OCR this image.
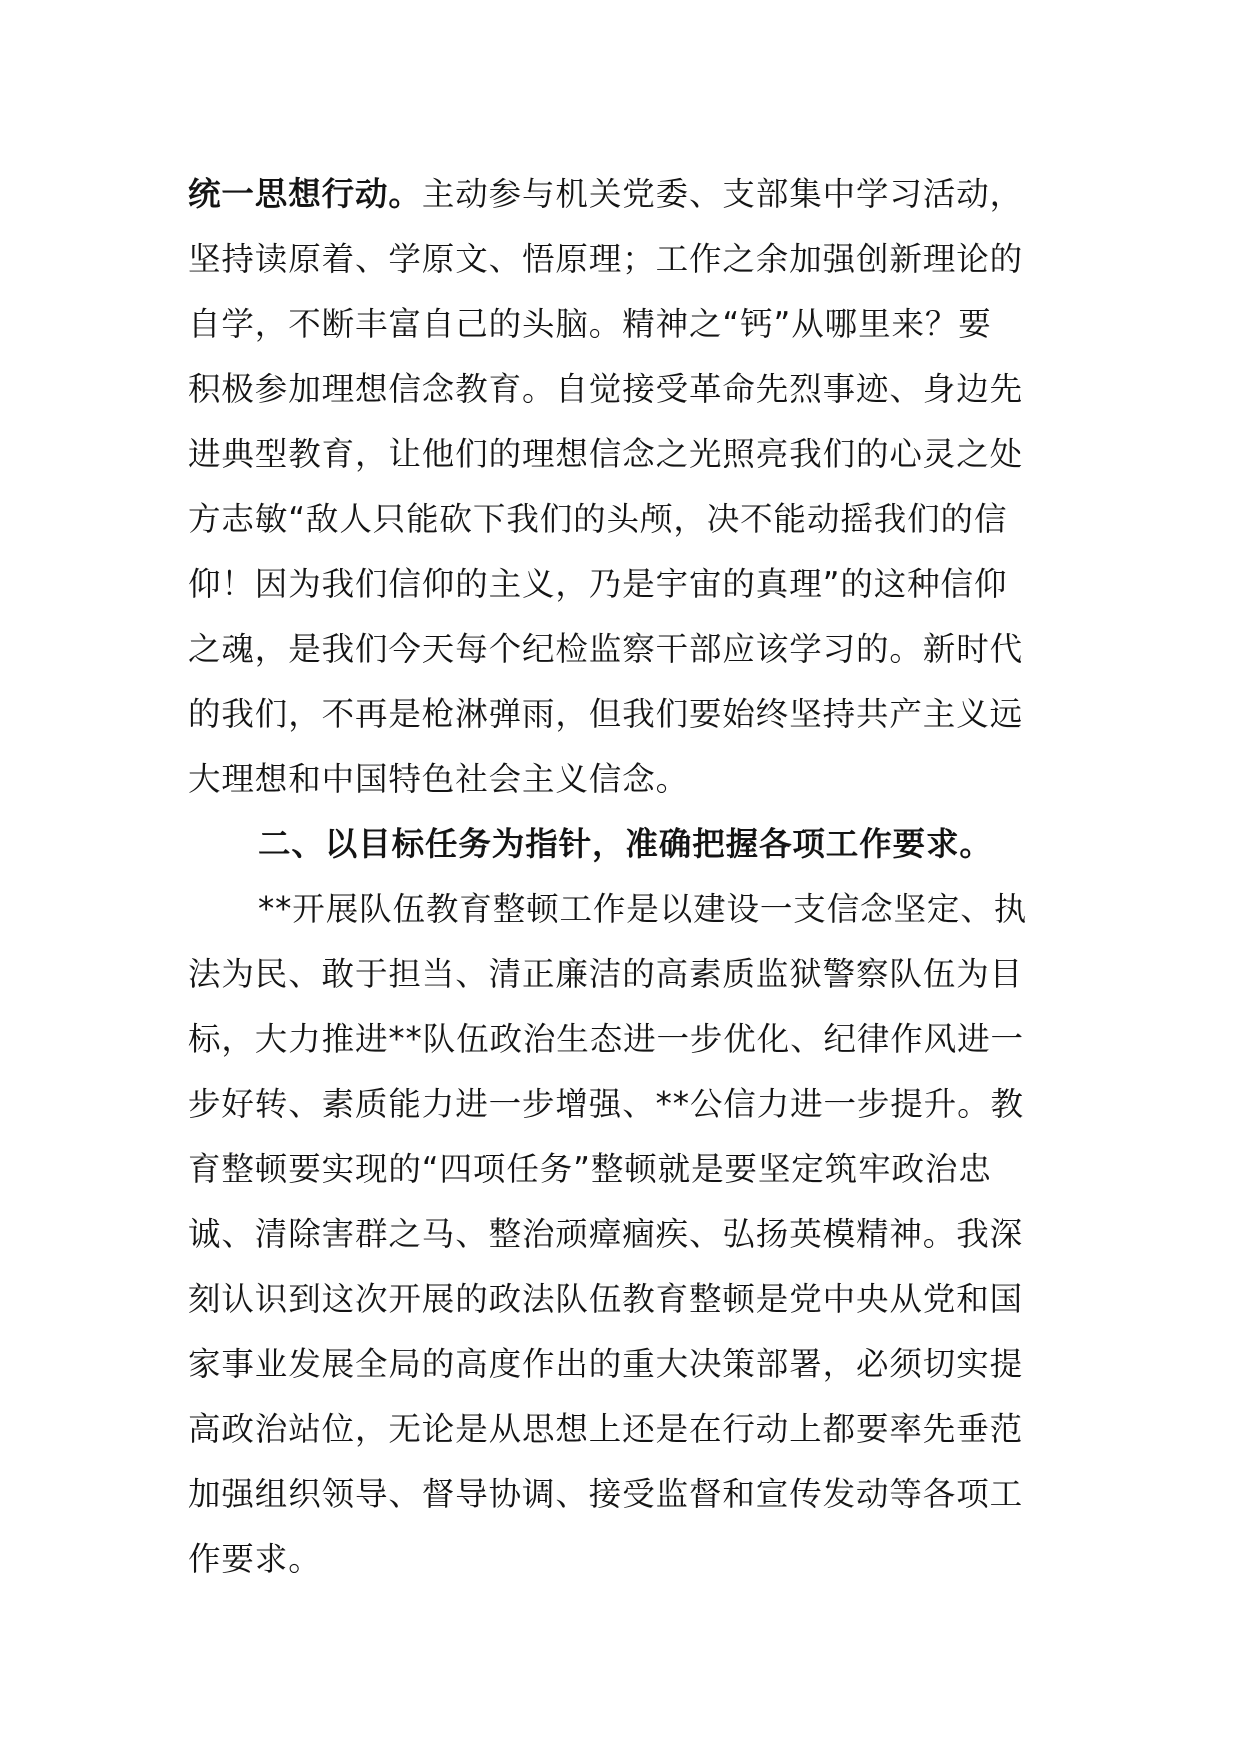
统一思想行动。主动参与机关党委、支部集中学习活动，
坚持读原着、学原文、悟原理；工作之余加强创新理论的
自学，不断丰富自己的头脑。精神之“钙”从哪里来？要
积极参加理想信念教育。自觉接受革命先烈事迹、身边先
进典型教育，让他们的理想信念之光照亮我们的心灵之处
方志敏“敌人只能砍下我们的头颅，决不能动摇我们的信
仰！因为我们信仰的主义，乃是宇宙的真理”的这种信仰
之魂，是我们今天每个纪检监察干部应该学习的。新时代
的我们，不再是枪淋弹雨，但我们要始终坚持共产主义远
大理想和中国特色社会主义信念。
二、以目标任务为指针，准确把握各项工作要求。
**开展队伍教育整顿工作是以建设一支信念坚定、执
法为民、敢于担当、清正廉洁的高素质监狱警察队伍为目
标，大力推进**队伍政治生态进一步优化、纪律作风进一
步好转、素质能力进一步增强、**公信力进一步提升。教
育整顿要实现的“四项任务”整顿就是要坚定筑牢政治忠
诚、清除害群之马、整治顽瘴痼疾、弘扬英模精神。我深
刻认识到这次开展的政法队伍教育整顿是党中央从党和国
家事业发展全局的高度作出的重大决策部署，必须切实提
高政治站位，无论是从思想上还是在行动上都要率先垂范
加强组织领导、督导协调、接受监督和宣传发动等各项工
作要求。
